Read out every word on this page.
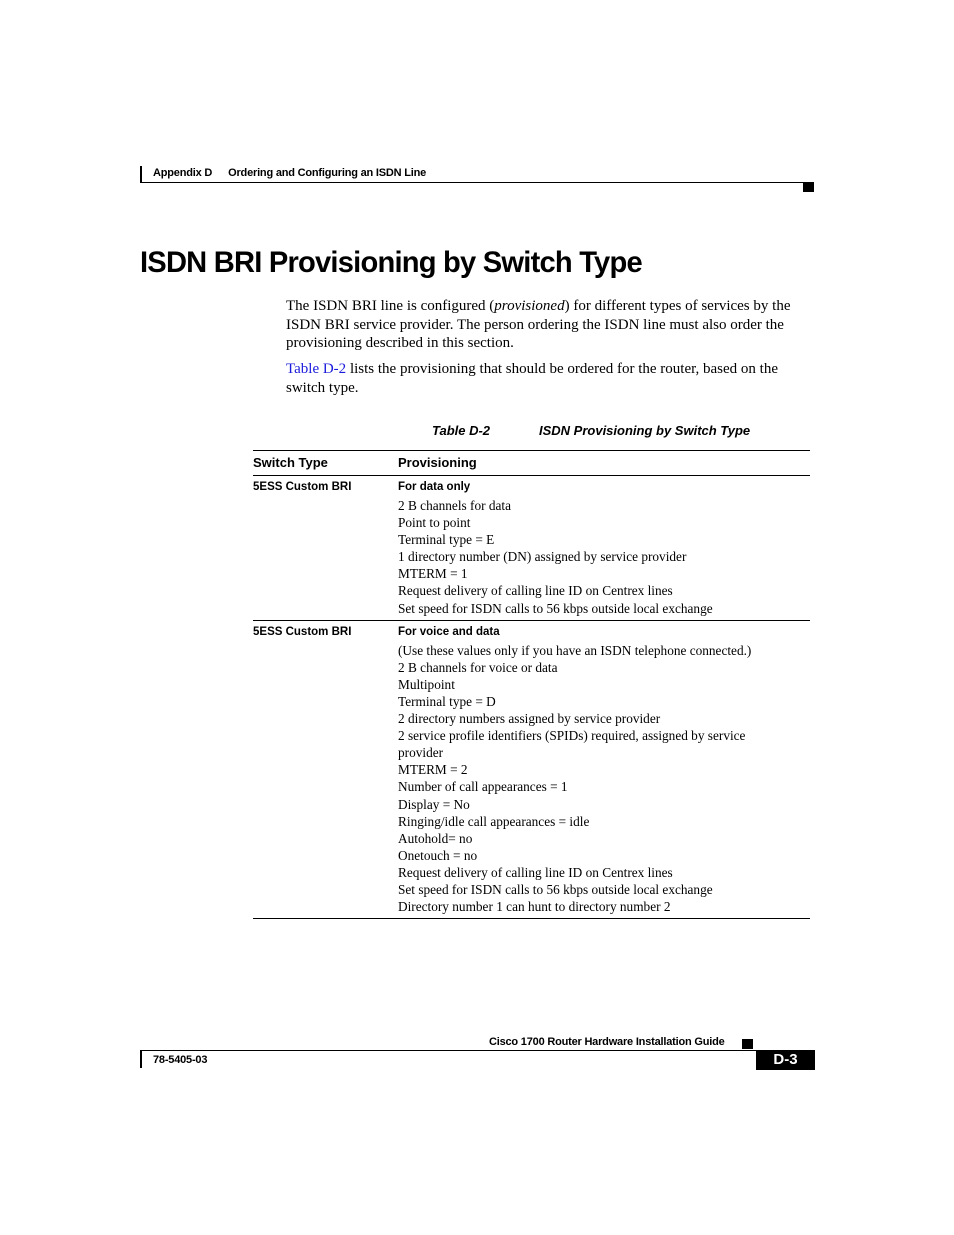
Appendix D Ordering and Configuring an ISDN Line
ISDN BRI Provisioning by Switch Type
The ISDN BRI line is configured (provisioned) for different types of services by the ISDN BRI service provider. The person ordering the ISDN line must also order the provisioning described in this section.
Table D-2 lists the provisioning that should be ordered for the router, based on the switch type.
Table D-2	ISDN Provisioning by Switch Type
Switch Type	Provisioning
5ESS Custom BRI	For data only
2 B channels for data
Point to point
Terminal type = E
1 directory number (DN) assigned by service provider
MTERM = 1
Request delivery of calling line ID on Centrex lines
Set speed for ISDN calls to 56 kbps outside local exchange
5ESS Custom BRI	For voice and data
(Use these values only if you have an ISDN telephone connected.)
2 B channels for voice or data
Multipoint
Terminal type = D
2 directory numbers assigned by service provider
2 service profile identifiers (SPIDs) required, assigned by service
provider
MTERM = 2
Number of call appearances = 1
Display = No
Ringing/idle call appearances = idle
Autohold= no
Onetouch = no
Request delivery of calling line ID on Centrex lines
Set speed for ISDN calls to 56 kbps outside local exchange
Directory number 1 can hunt to directory number 2
Cisco 1700 Router Hardware Installation Guide
78-5405-03	D-3
